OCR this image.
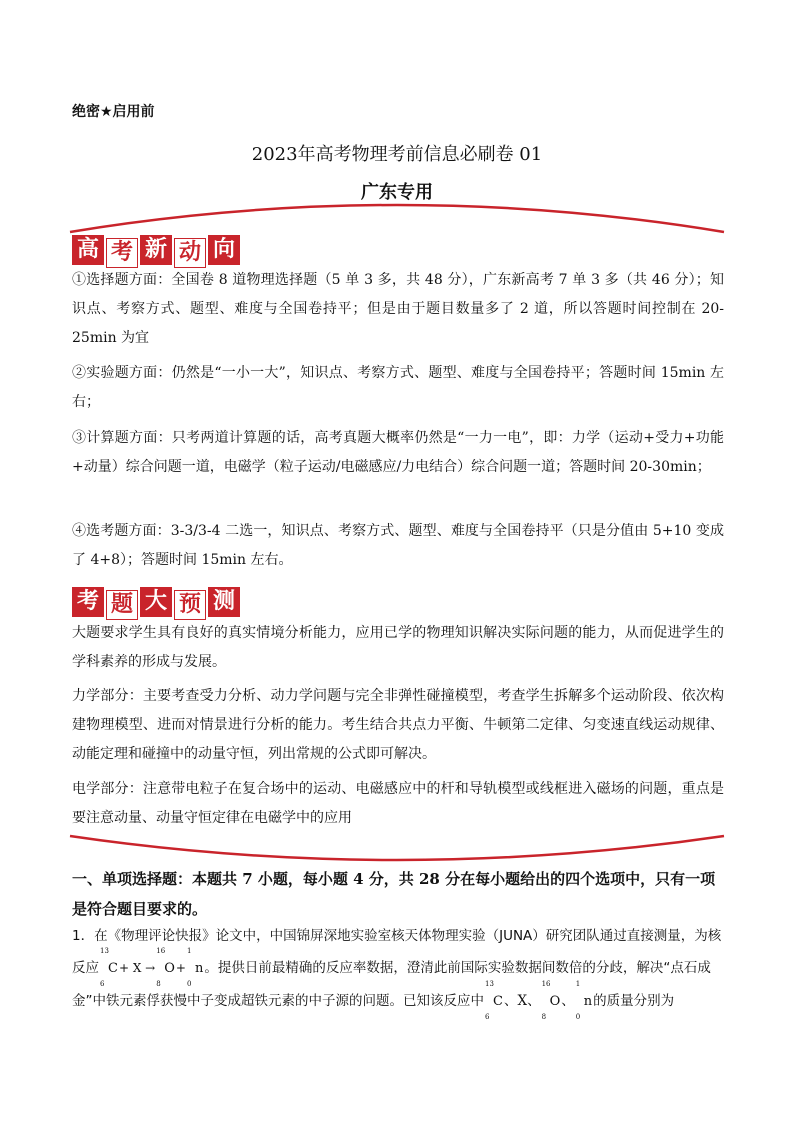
绝密★启用前
2023年高考物理考前信息必刷卷 01
广东专用
高 考 新 动 向
①选择题方面：全国卷 8 道物理选择题（5 单 3 多，共 48 分），广东新高考 7 单 3 多（共 46 分）；知识点、考察方式、题型、难度与全国卷持平；但是由于题目数量多了 2 道，所以答题时间控制在 20-25min 为宜
②实验题方面：仍然是“一小一大”，知识点、考察方式、题型、难度与全国卷持平；答题时间 15min 左右；
③计算题方面：只考两道计算题的话，高考真题大概率仍然是“一力一电”，即：力学（运动+受力+功能+动量）综合问题一道，电磁学（粒子运动/电磁感应/力电结合）综合问题一道；答题时间 20-30min；
④选考题方面：3-3/3-4 二选一，知识点、考察方式、题型、难度与全国卷持平（只是分值由 5+10 变成了 4+8）；答题时间 15min 左右。
考 题 大 预 测
大题要求学生具有良好的真实情境分析能力，应用已学的物理知识解决实际问题的能力，从而促进学生的学科素养的形成与发展。
力学部分：主要考查受力分析、动力学问题与完全非弹性碰撞模型，考查学生拆解多个运动阶段、依次构建物理模型、进而对情景进行分析的能力。考生结合共点力平衡、牛顿第二定律、匀变速直线运动规律、动能定理和碰撞中的动量守恒，列出常规的公式即可解决。
电学部分：注意带电粒子在复合场中的运动、电磁感应中的杆和导轨模型或线框进入磁场的问题，重点是要注意动量、动量守恒定律在电磁学中的应用
一、单项选择题：本题共 7 小题，每小题 4 分，共 28 分在每小题给出的四个选项中，只有一项是符合题目要求的。
1．在《物理评论快报》论文中，中国锦屏深地实验室核天体物理实验（JUNA）研究团队通过直接测量，为核反应
13
6
C+ X →
16
8
O+
1
0
n。提供日前最精确的反应率数据，澄清此前国际实验数据间数倍的分歧，解决“点石成金”中铁元素俘获慢中子变成超铁元素的中子源的问题。已知该反应中
13
6
C、X、
16
8
O、
1
0
n的质量分别为
